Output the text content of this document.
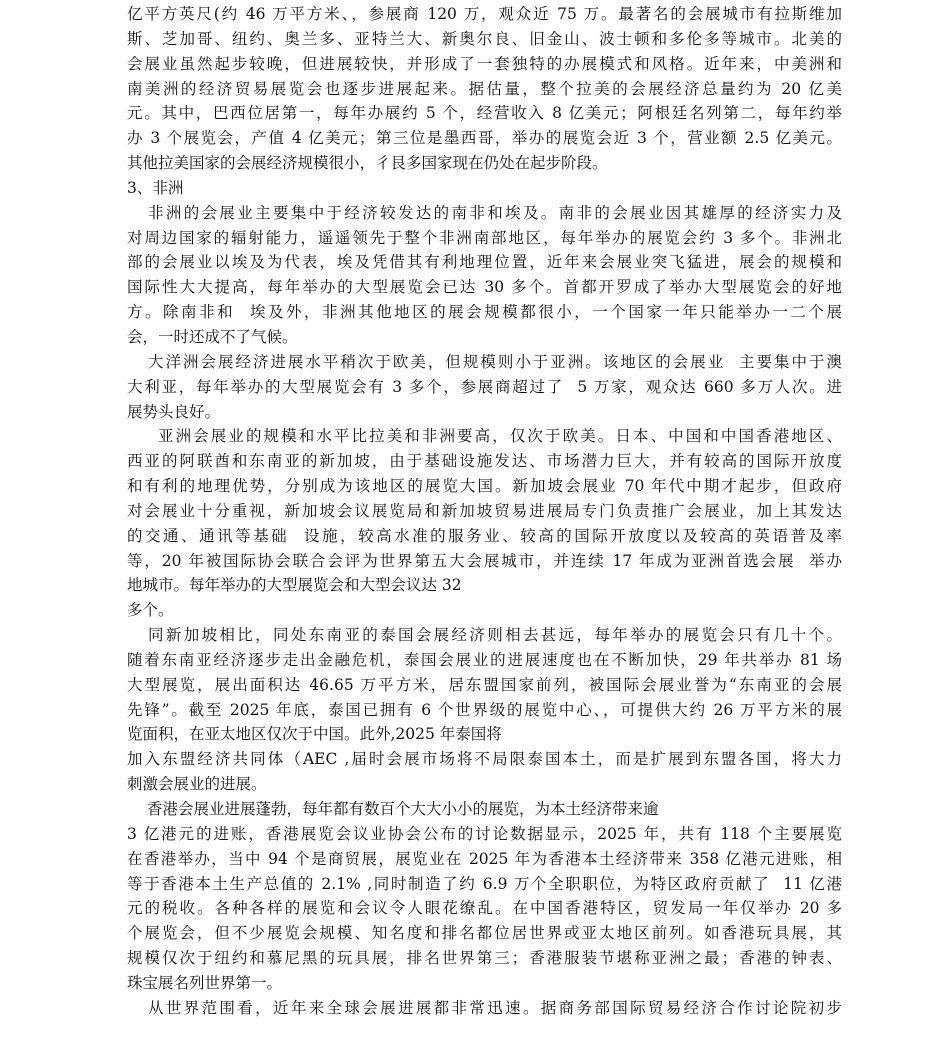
亿平方英尺(约 46 万平方米、，参展商 120 万，观众近 75 万。最著名的会展城市有拉斯维加
斯、芝加哥、纽约、奥兰多、亚特兰大、新奥尔良、旧金山、波士顿和多伦多等城市。北美的
会展业虽然起步较晚，但进展较快，并形成了一套独特的办展模式和风格。近年来，中美洲和
南美洲的经济贸易展览会也逐步进展起来。据估量，整个拉美的会展经济总量约为 20 亿美
元。其中，巴西位居第一，每年办展约 5 个，经营收入 8 亿美元；阿根廷名列第二，每年约举
办 3 个展览会，产值 4 亿美元；第三位是墨西哥，举办的展览会近 3 个，营业额 2.5 亿美元。
其他拉美国家的会展经济规模很小，彳艮多国家现在仍处在起步阶段。
3、非洲
非洲的会展业主要集中于经济较发达的南非和埃及。南非的会展业因其雄厚的经济实力及
对周边国家的辐射能力，遥遥领先于整个非洲南部地区，每年举办的展览会约 3 多个。非洲北
部的会展业以埃及为代表，埃及凭借其有利地理位置，近年来会展业突飞猛进，展会的规模和
国际性大大提高，每年举办的大型展览会已达 30 多个。首都开罗成了举办大型展览会的好地
方。除南非和  埃及外，非洲其他地区的展会规模都很小，一个国家一年只能举办一二个展
会，一时还成不了气候。
大洋洲会展经济进展水平稍次于欧美，但规模则小于亚洲。该地区的会展业  主要集中于澳
大利亚，每年举办的大型展览会有 3 多个，参展商超过了  5 万家，观众达 660 多万人次。进
展势头良好。
亚洲会展业的规模和水平比拉美和非洲要高，仅次于欧美。日本、中国和中国香港地区、
西亚的阿联酋和东南亚的新加坡，由于基础设施发达、市场潜力巨大，并有较高的国际开放度
和有利的地理优势，分别成为该地区的展览大国。新加坡会展业 70 年代中期才起步，但政府
对会展业十分重视，新加坡会议展览局和新加坡贸易进展局专门负责推广会展业，加上其发达
的交通、通讯等基础  设施，较高水准的服务业、较高的国际开放度以及较高的英语普及率
等，20 年被国际协会联合会评为世界第五大会展城市，并连续 17 年成为亚洲首选会展  举办
地城市。每年举办的大型展览会和大型会议达 32
多个。
同新加坡相比，同处东南亚的泰国会展经济则相去甚远，每年举办的展览会只有几十个。
随着东南亚经济逐步走出金融危机，泰国会展业的进展速度也在不断加快，29 年共举办 81 场
大型展览，展出面积达 46.65 万平方米，居东盟国家前列，被国际会展业誉为“东南亚的会展
先锋”。截至 2025 年底，泰国已拥有 6 个世界级的展览中心、，可提供大约 26 万平方米的展
览面积，在亚太地区仅次于中国。此外,2025 年泰国将
加入东盟经济共同体（AEC ,届时会展市场将不局限泰国本土，而是扩展到东盟各国，将大力
刺激会展业的进展。
香港会展业进展蓬勃，每年都有数百个大大小小的展览，为本土经济带来逾
3 亿港元的进账，香港展览会议业协会公布的讨论数据显示，2025 年，共有 118 个主要展览
在香港举办，当中 94 个是商贸展，展览业在 2025 年为香港本土经济带来 358 亿港元进账，相
等于香港本土生产总值的 2.1% ,同时制造了约 6.9 万个全职职位，为特区政府贡献了  11 亿港
元的税收。各种各样的展览和会议令人眼花缭乱。在中国香港特区，贸发局一年仅举办 20 多
个展览会，但不少展览会规模、知名度和排名都位居世界或亚太地区前列。如香港玩具展，其
规模仅次于纽约和慕尼黑的玩具展，排名世界第三；香港服装节堪称亚洲之最；香港的钟表、
珠宝展名列世界第一。
从世界范围看，近年来全球会展进展都非常迅速。据商务部国际贸易经济合作讨论院初步
